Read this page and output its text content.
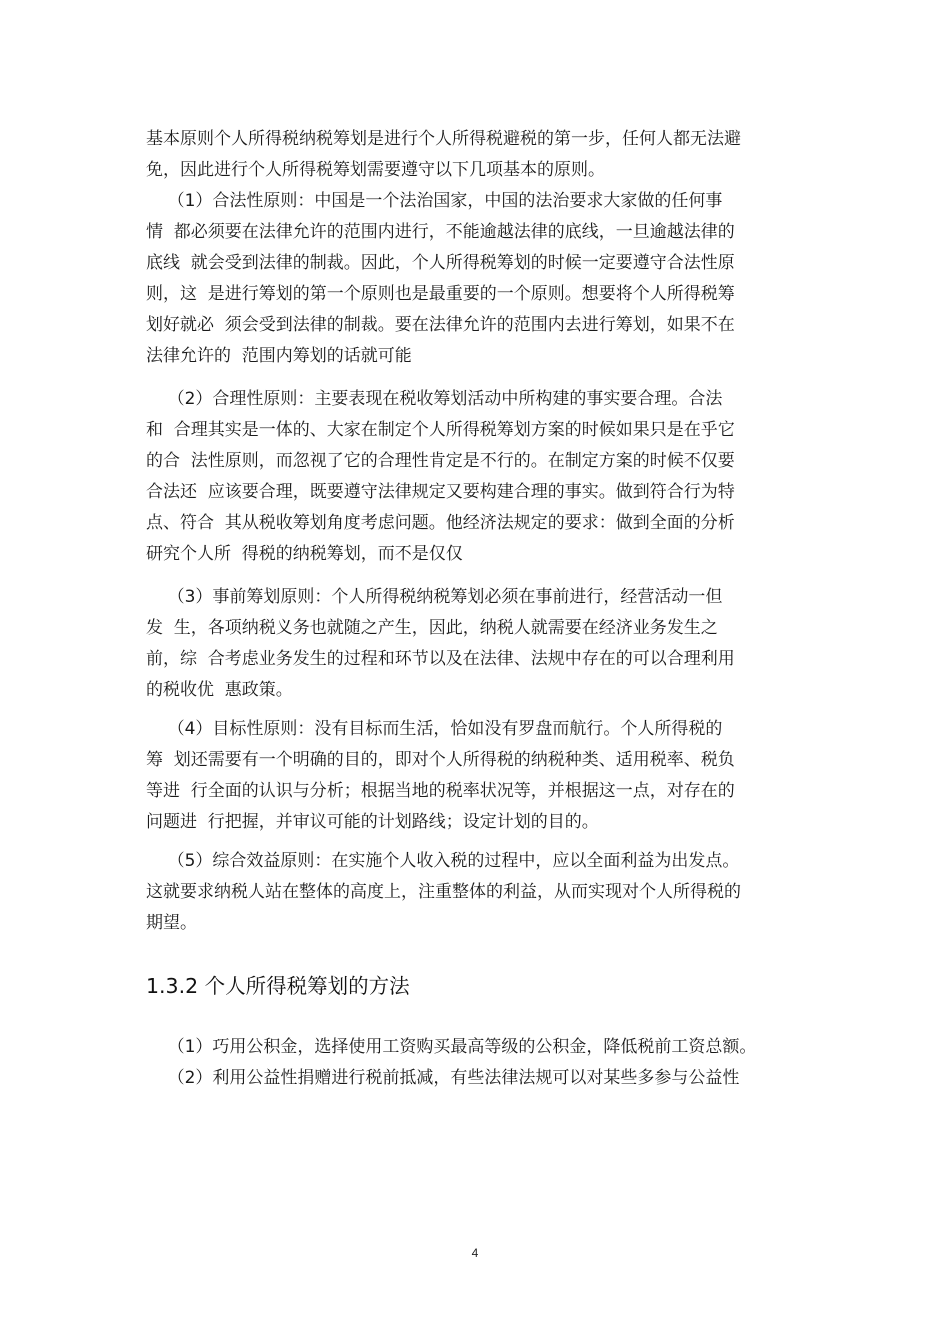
基本原则个人所得税纳税筹划是进行个人所得税避税的第一步，任何人都无法避
免，因此进行个人所得税筹划需要遵守以下几项基本的原则。
（1）合法性原则：中国是一个法治国家，中国的法治要求大家做的任何事
情  都必须要在法律允许的范围内进行，不能逾越法律的底线，一旦逾越法律的
底线  就会受到法律的制裁。因此，个人所得税筹划的时候一定要遵守合法性原
则，这  是进行筹划的第一个原则也是最重要的一个原则。想要将个人所得税筹
划好就必  须会受到法律的制裁。要在法律允许的范围内去进行筹划，如果不在
法律允许的  范围内筹划的话就可能
（2）合理性原则：主要表现在税收筹划活动中所构建的事实要合理。合法
和  合理其实是一体的、大家在制定个人所得税筹划方案的时候如果只是在乎它
的合  法性原则，而忽视了它的合理性肯定是不行的。在制定方案的时候不仅要
合法还  应该要合理，既要遵守法律规定又要构建合理的事实。做到符合行为特
点、符合  其从税收筹划角度考虑问题。他经济法规定的要求：做到全面的分析
研究个人所  得税的纳税筹划，而不是仅仅
（3）事前筹划原则：个人所得税纳税筹划必须在事前进行，经营活动一但
发  生，各项纳税义务也就随之产生，因此，纳税人就需要在经济业务发生之
前，综  合考虑业务发生的过程和环节以及在法律、法规中存在的可以合理利用
的税收优  惠政策。
（4）目标性原则：没有目标而生活，恰如没有罗盘而航行。个人所得税的
筹  划还需要有一个明确的目的，即对个人所得税的纳税种类、适用税率、税负
等进  行全面的认识与分析；根据当地的税率状况等，并根据这一点，对存在的
问题进  行把握，并审议可能的计划路线；设定计划的目的。
（5）综合效益原则：在实施个人收入税的过程中，应以全面利益为出发点。
这就要求纳税人站在整体的高度上，注重整体的利益，从而实现对个人所得税的
期望。
1.3.2 个人所得税筹划的方法
（1）巧用公积金，选择使用工资购买最高等级的公积金，降低税前工资总额。
（2）利用公益性捐赠进行税前抵减，有些法律法规可以对某些多参与公益性
4
